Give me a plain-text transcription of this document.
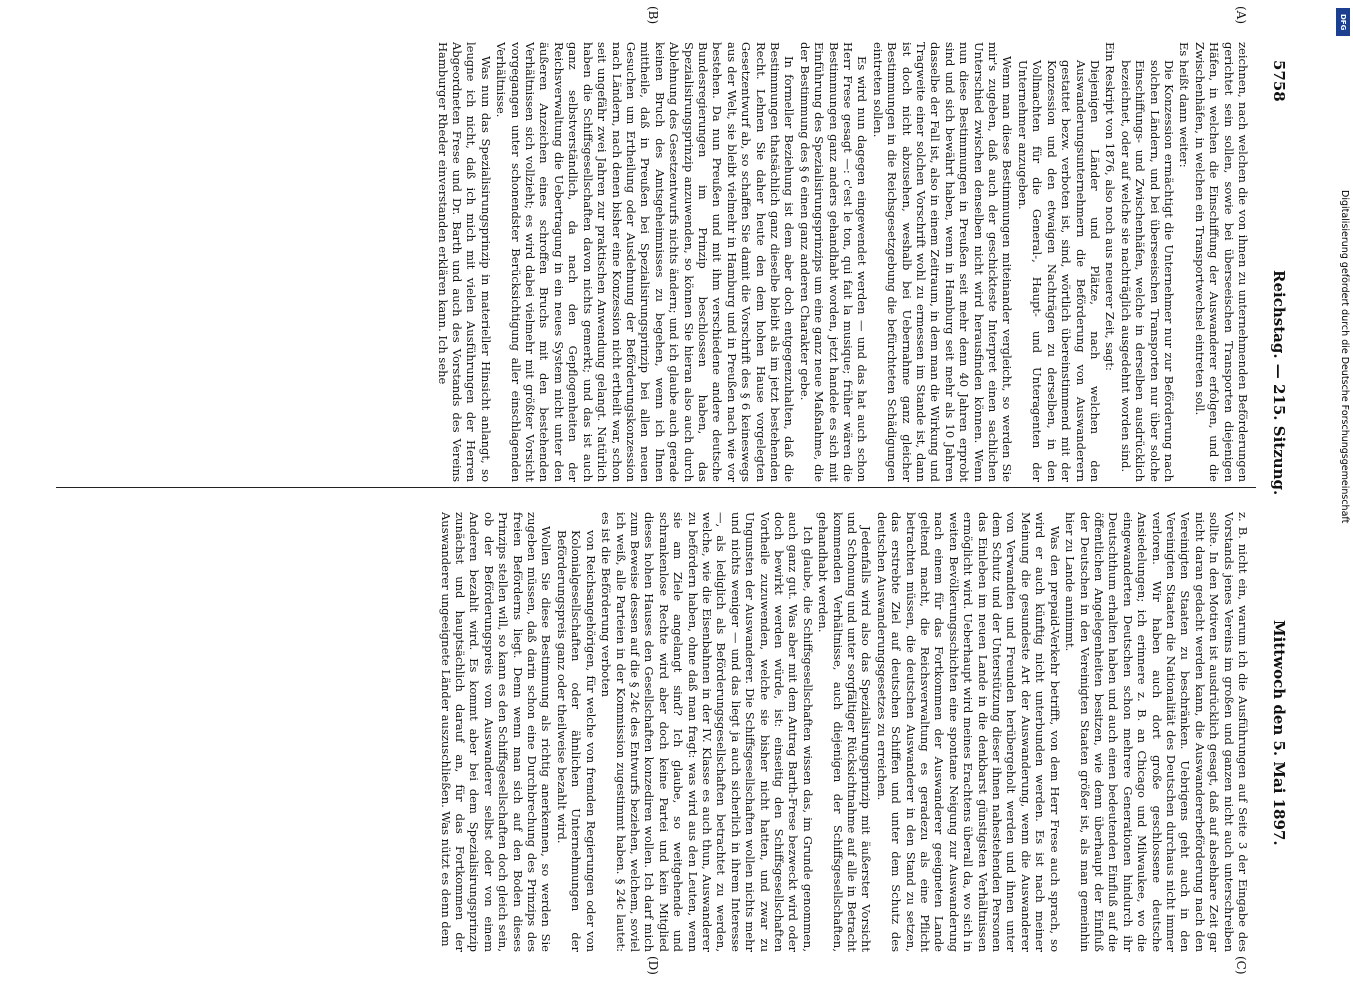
5758
Reichstag. — 215. Sitzung.
Mittwoch den 5. Mai 1897.
(A)
(B)
(C)
(D)

zeichnen, nach welchen die von ihnen zu unternehmenden Beförderungen gerichtet sein sollen, sowie bei überseeischen Transporten diejenigen Häfen, in welchen die Einschiffung der Auswanderer erfolgen, und die Zwischenhäfen, in welchen ein Transportwechsel eintreten soll.

Es heißt dann weiter:

Die Konzession ermächtigt die Unternehmer nur zur Beförderung nach solchen Ländern, und bei überseeischen Transporten nur über solche Einschiffungs- und Zwischenhäfen, welche in derselben ausdrücklich bezeichnet, oder auf welche sie nachträglich ausgedehnt worden sind.

Ein Reskript von 1876, also noch aus neuerer Zeit, sagt:

Diejenigen Länder und Plätze, nach welchen den Auswanderungsunternehmern die Beförderung von Auswanderern gestattet bezw. verboten ist, sind, wörtlich übereinstimmend mit der Konzession und den etwaigen Nachträgen zu derselben, in den Vollmachten für die General-, Haupt- und Unteragenten der Unternehmer anzugeben.

Wenn man diese Bestimmungen miteinander vergleicht, so werden Sie mir's zugeben, daß auch der geschickteste Interpret einen sachlichen Unterschied zwischen denselben nicht wird herausfinden können. Wenn nun diese Bestimmungen in Preußen seit mehr denn 40 Jahren erprobt sind und sich bewährt haben, wenn in Hamburg seit mehr als 10 Jahren dasselbe der Fall ist, also in einem Zeitraum, in dem man die Wirkung und Tragweite einer solchen Vorschrift wohl zu ermessen im Stande ist, dann ist doch nicht abzusehen, weshalb bei Uebernahme ganz gleicher Bestimmungen in die Reichsgesetzgebung die befürchteten Schädigungen eintreten sollen.

Es wird nun dagegen eingewendet werden — und das hat auch schon Herr Frese gesagt —: c'est le ton, qui fait la musique; früher wären die Bestimmungen ganz anders gehandhabt worden, jetzt handele es sich mit Einführung des Spezialisirungsprinzips um eine ganz neue Maßnahme, die der Bestimmung des § 6 einen ganz anderen Charakter gebe.

In formeller Beziehung ist dem aber doch entgegenzuhalten, daß die Bestimmungen thatsächlich ganz dieselbe bleibt als im jetzt bestehenden Recht. Lehnen Sie daher heute den dem hohen Hause vorgelegten Gesetzentwurf ab, so schaffen Sie damit die Vorschrift des § 6 keineswegs aus der Welt, sie bleibt vielmehr in Hamburg und in Preußen nach wie vor bestehen. Da nun Preußen und mit ihm verschiedene andere deutsche Bundesregierungen im Prinzip beschlossen haben, das Spezialisirungsprinzip anzuwenden, so können Sie hieran also auch durch Ablehnung des Gesetzentwurfs nichts ändern; und ich glaube auch gerade keinen Bruch des Amtsgeheimnisses zu begehen, wenn ich Ihnen mittheile, daß in Preußen bei Spezialisirungsprinzip bei allen neuen Gesuchen um Ertheilung oder Ausdehnung der Beförderungskonzession nach Ländern, nach denen bisher eine Konzession nicht ertheilt war, schon seit ungefähr zwei Jahren zur praktischen Anwendung gelangt. Natürlich haben die Schiffsgesellschaften davon nichts gemerkt; und das ist auch ganz selbstverständlich, da nach den Gepflogenheiten der Reichsverwaltung die Uebertragung in ein neues System nicht unter den äußeren Anzeichen eines schroffen Bruchs mit den bestehenden Verhältnissen sich vollzieht; es wird dabei vielmehr mit größter Vorsicht vorgegangen unter schonendster Berücksichtigung aller einschlagenden Verhältnisse.

Was nun das Spezialisirungsprinzip in materieller Hinsicht anlangt, so leugne ich nicht, daß ich mich mit vielen Ausführungen der Herren Abgeordneten Frese und Dr. Barth und auch des Vorstands des Vereins Hamburger Rheder einverstanden erklären kann. Ich sehe

z. B. nicht ein, warum ich die Ausführungen auf Seite 3 der Eingabe des Vorstands jenes Vereins im großen und ganzen nicht auch unterschreiben sollte. In den Motiven ist ausdrücklich gesagt, daß auf absehbare Zeit gar nicht daran gedacht werden kann, die Auswandererbeförderung nach den Vereinigten Staaten zu beschränken. Uebrigens geht auch in den Vereinigten Staaten die Nationalität des Deutschen durchaus nicht immer verloren. Wir haben auch dort große geschlossene deutsche Ansiedelungen; ich erinnere z. B. an Chicago und Milwaukee, wo die eingewanderten Deutschen schon mehrere Generationen hindurch ihr Deutschthum erhalten haben und auch einen bedeutenden Einfluß auf die öffentlichen Angelegenheiten besitzen, wie denn überhaupt der Einfluß der Deutschen in den Vereinigten Staaten größer ist, als man gemeinhin hier zu Lande annimmt.

Was den prepaid-Verkehr betrifft, von dem Herr Frese auch sprach, so wird er auch künftig nicht unterbunden werden. Es ist nach meiner Meinung die gesundeste Art der Auswanderung, wenn die Auswanderer von Verwandten und Freunden herübergeholt werden und ihnen unter dem Schutz und der Unterstützung dieser ihnen nahestehenden Personen das Einleben im neuen Lande in die denkbarst günstigsten Verhältnissen ermöglicht wird. Ueberhaupt wird meines Erachtens überall da, wo sich in weiten Bevölkerungsschichten eine spontane Neigung zur Auswanderung nach einem für das Fortkommen der Auswanderer geeigneten Lande geltend macht, die Reichsverwaltung es geradezu als eine Pflicht betrachten müssen, die deutschen Auswanderer in den Stand zu setzen, das erstrebte Ziel auf deutschen Schiffen und unter dem Schutz des deutschen Auswanderungsgesetzes zu erreichen.

Jedenfalls wird also das Spezialisirungsprinzip mit äußerster Vorsicht und Schonung und unter sorgfältiger Rücksichtnahme auf alle in Betracht kommenden Verhältnisse, auch diejenigen der Schiffsgesellschaften, gehandhabt werden.

Ich glaube, die Schiffsgesellschaften wissen das, im Grunde genommen, auch ganz gut. Was aber mit dem Antrag Barth-Frese bezweckt wird oder doch bewirkt werden würde, ist: einseitig den Schiffsgesellschaften Vortheile zuzuwenden, welche sie bisher nicht hatten, und zwar zu Ungunsten der Auswanderer. Die Schiffsgesellschaften wollen nichts mehr und nichts weniger — und das liegt ja auch sicherlich in ihrem Interesse —, als lediglich als Beförderungsgesellschaften betrachtet zu werden, welche, wie die Eisenbahnen in der IV. Klasse es auch thun, Auswanderer zu befördern haben, ohne daß man fragt: was wird aus den Leuten, wenn sie am Ziele angelangt sind? Ich glaube, so weitgehende und schrankenlose Rechte wird aber doch keine Partei und kein Mitglied dieses hohen Hauses den Gesellschaften konzediren wollen. Ich darf mich zum Beweise dessen auf die § 24c des Entwurfs beziehen, welchem, soviel ich weiß, alle Parteien in der Kommission zugestimmt haben. § 24c lautet: es ist die Beförderung verboten

von Reichsangehörigen, für welche von fremden Regierungen oder von Kolonialgesellschaften oder ähnlichen Unternehmungen der Beförderungspreis ganz oder theilweise bezahlt wird.

Wollen Sie diese Bestimmung als richtig anerkennen, so werden Sie zugeben müssen, daß darin schon eine Durchbrechung des Prinzips des freien Beförderns liegt. Denn wenn man sich auf den Boden dieses Prinzips stellen will, so kann es den Schiffsgesellschaften doch gleich sein, ob der Beförderungspreis vom Auswanderer selbst oder von einem Anderen bezahlt wird. Es kommt aber bei dem Spezialisirungsprinzip zunächst und hauptsächlich darauf an, für das Fortkommen der Auswanderer ungeeignete Länder auszuschließen. Was nützt es denn dem

DFG
Digitalisierung gefördert durch die Deutsche Forschungsgemeinschaft
